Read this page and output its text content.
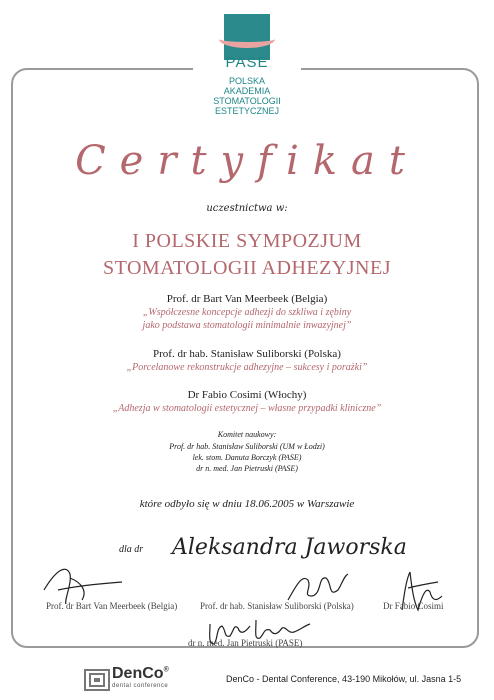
PASE
POLSKA
AKADEMIA
STOMATOLOGII
ESTETYCZNEJ
Certyfikat
uczestnictwa w:
I POLSKIE SYMPOZJUM
STOMATOLOGII ADHEZYJNEJ
Prof. dr Bart Van Meerbeek (Belgia)
„Współczesne koncepcje adhezji do szkliwa i zębiny
jako podstawa stomatologii minimalnie inwazyjnej”
Prof. dr hab. Stanisław Suliborski (Polska)
„Porcelanowe rekonstrukcje adhezyjne – sukcesy i porażki”
Dr Fabio Cosimi (Włochy)
„Adhezja w stomatologii estetycznej – własne przypadki kliniczne”
Komitet naukowy:
Prof. dr hab. Stanisław Suliborski (UM w Łodzi)
lek. stom. Danuta Borczyk (PASE)
dr n. med. Jan Pietruski (PASE)
które odbyło się w dniu 18.06.2005 w Warszawie
dla dr Aleksandra Jaworska
Prof. dr Bart Van Meerbeek (Belgia)	Prof. dr hab. Stanisław Suliborski (Polska)	Dr Fabio Cosimi
dr n. med. Jan Pietruski (PASE)
DenCo®
dental conference
DenCo - Dental Conference, 43-190 Mikołów, ul. Jasna 1-5
